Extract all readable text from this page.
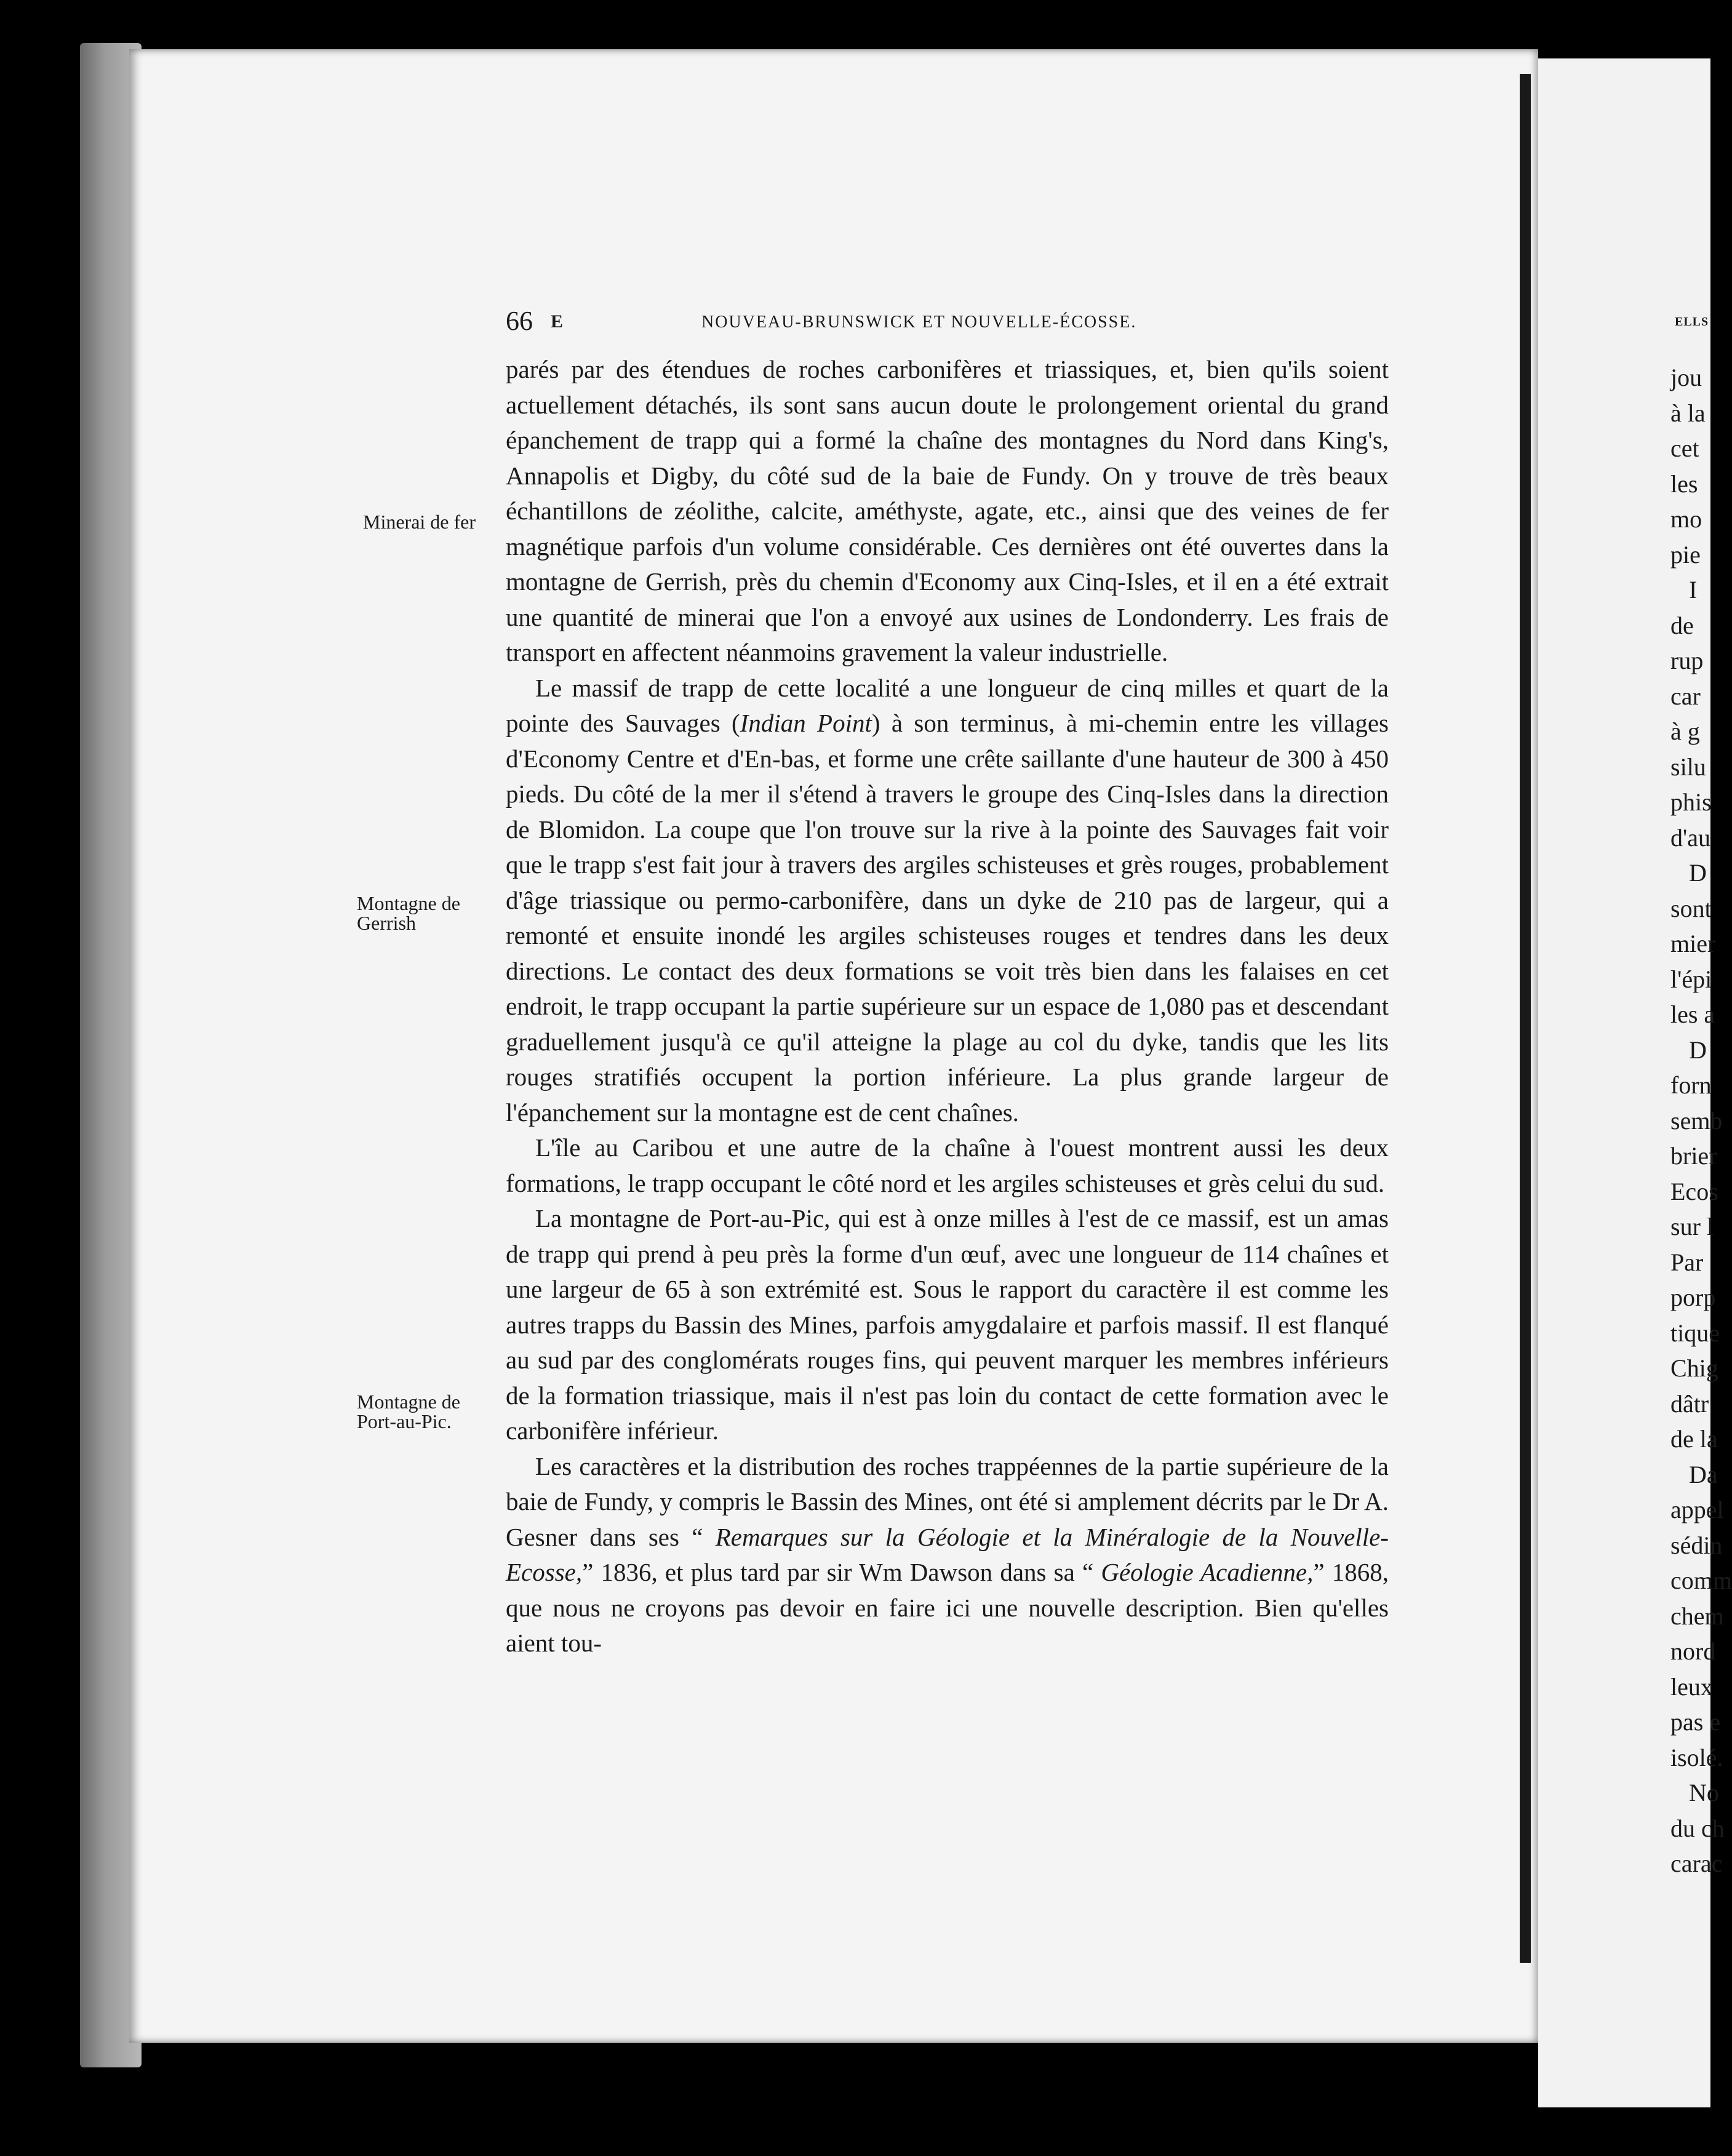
66 E	NOUVEAU-BRUNSWICK ET NOUVELLE-ÉCOSSE.	ELLS
Minerai de fer
Montagne de
Gerrish
Montagne de
Port-au-Pic.

parés par des étendues de roches carbonifères et triassiques, et, bien qu'ils soient actuellement détachés, ils sont sans aucun doute le prolongement oriental du grand épanchement de trapp qui a formé la chaîne des montagnes du Nord dans King's, Annapolis et Digby, du côté sud de la baie de Fundy. On y trouve de très beaux échantillons de zéolithe, calcite, améthyste, agate, etc., ainsi que des veines de fer magnétique parfois d'un volume considérable. Ces dernières ont été ouvertes dans la montagne de Gerrish, près du chemin d'Economy aux Cinq-Isles, et il en a été extrait une quantité de minerai que l'on a envoyé aux usines de Londonderry. Les frais de transport en affectent néanmoins gravement la valeur industrielle.

Le massif de trapp de cette localité a une longueur de cinq milles et quart de la pointe des Sauvages (Indian Point) à son terminus, à mi-chemin entre les villages d'Economy Centre et d'En-bas, et forme une crête saillante d'une hauteur de 300 à 450 pieds. Du côté de la mer il s'étend à travers le groupe des Cinq-Isles dans la direction de Blomidon. La coupe que l'on trouve sur la rive à la pointe des Sauvages fait voir que le trapp s'est fait jour à travers des argiles schisteuses et grès rouges, probablement d'âge triassique ou permo-carbonifère, dans un dyke de 210 pas de largeur, qui a remonté et ensuite inondé les argiles schisteuses rouges et tendres dans les deux directions. Le contact des deux formations se voit très bien dans les falaises en cet endroit, le trapp occupant la partie supérieure sur un espace de 1,080 pas et descendant graduellement jusqu'à ce qu'il atteigne la plage au col du dyke, tandis que les lits rouges stratifiés occupent la portion inférieure. La plus grande largeur de l'épanchement sur la montagne est de cent chaînes.

L'île au Caribou et une autre de la chaîne à l'ouest montrent aussi les deux formations, le trapp occupant le côté nord et les argiles schisteuses et grès celui du sud.

La montagne de Port-au-Pic, qui est à onze milles à l'est de ce massif, est un amas de trapp qui prend à peu près la forme d'un œuf, avec une longueur de 114 chaînes et une largeur de 65 à son extrémité est. Sous le rapport du caractère il est comme les autres trapps du Bassin des Mines, parfois amygdalaire et parfois massif. Il est flanqué au sud par des conglomérats rouges fins, qui peuvent marquer les membres inférieurs de la formation triassique, mais il n'est pas loin du contact de cette formation avec le carbonifère inférieur.

Les caractères et la distribution des roches trappéennes de la partie supérieure de la baie de Fundy, y compris le Bassin des Mines, ont été si amplement décrits par le Dr A. Gesner dans ses “ Remarques sur la Géologie et la Minéralogie de la Nouvelle-Ecosse,” 1836, et plus tard par sir Wm Dawson dans sa “ Géologie Acadienne,” 1868, que nous ne croyons pas devoir en faire ici une nouvelle description. Bien qu'elles aient tou-

jou
à la
cet
les
mo
pie
I
de
rup
car
à g
silu
phis
d'au
D
sont
mier
l'épi
les a
D
forn
semb
brier
Ecos
sur l
Par
porp
tique
Chig
dâtr
de la
Da
appel
sédin
comm
chem
nord
leux
pas e
isolé.
No
du ch
carac
